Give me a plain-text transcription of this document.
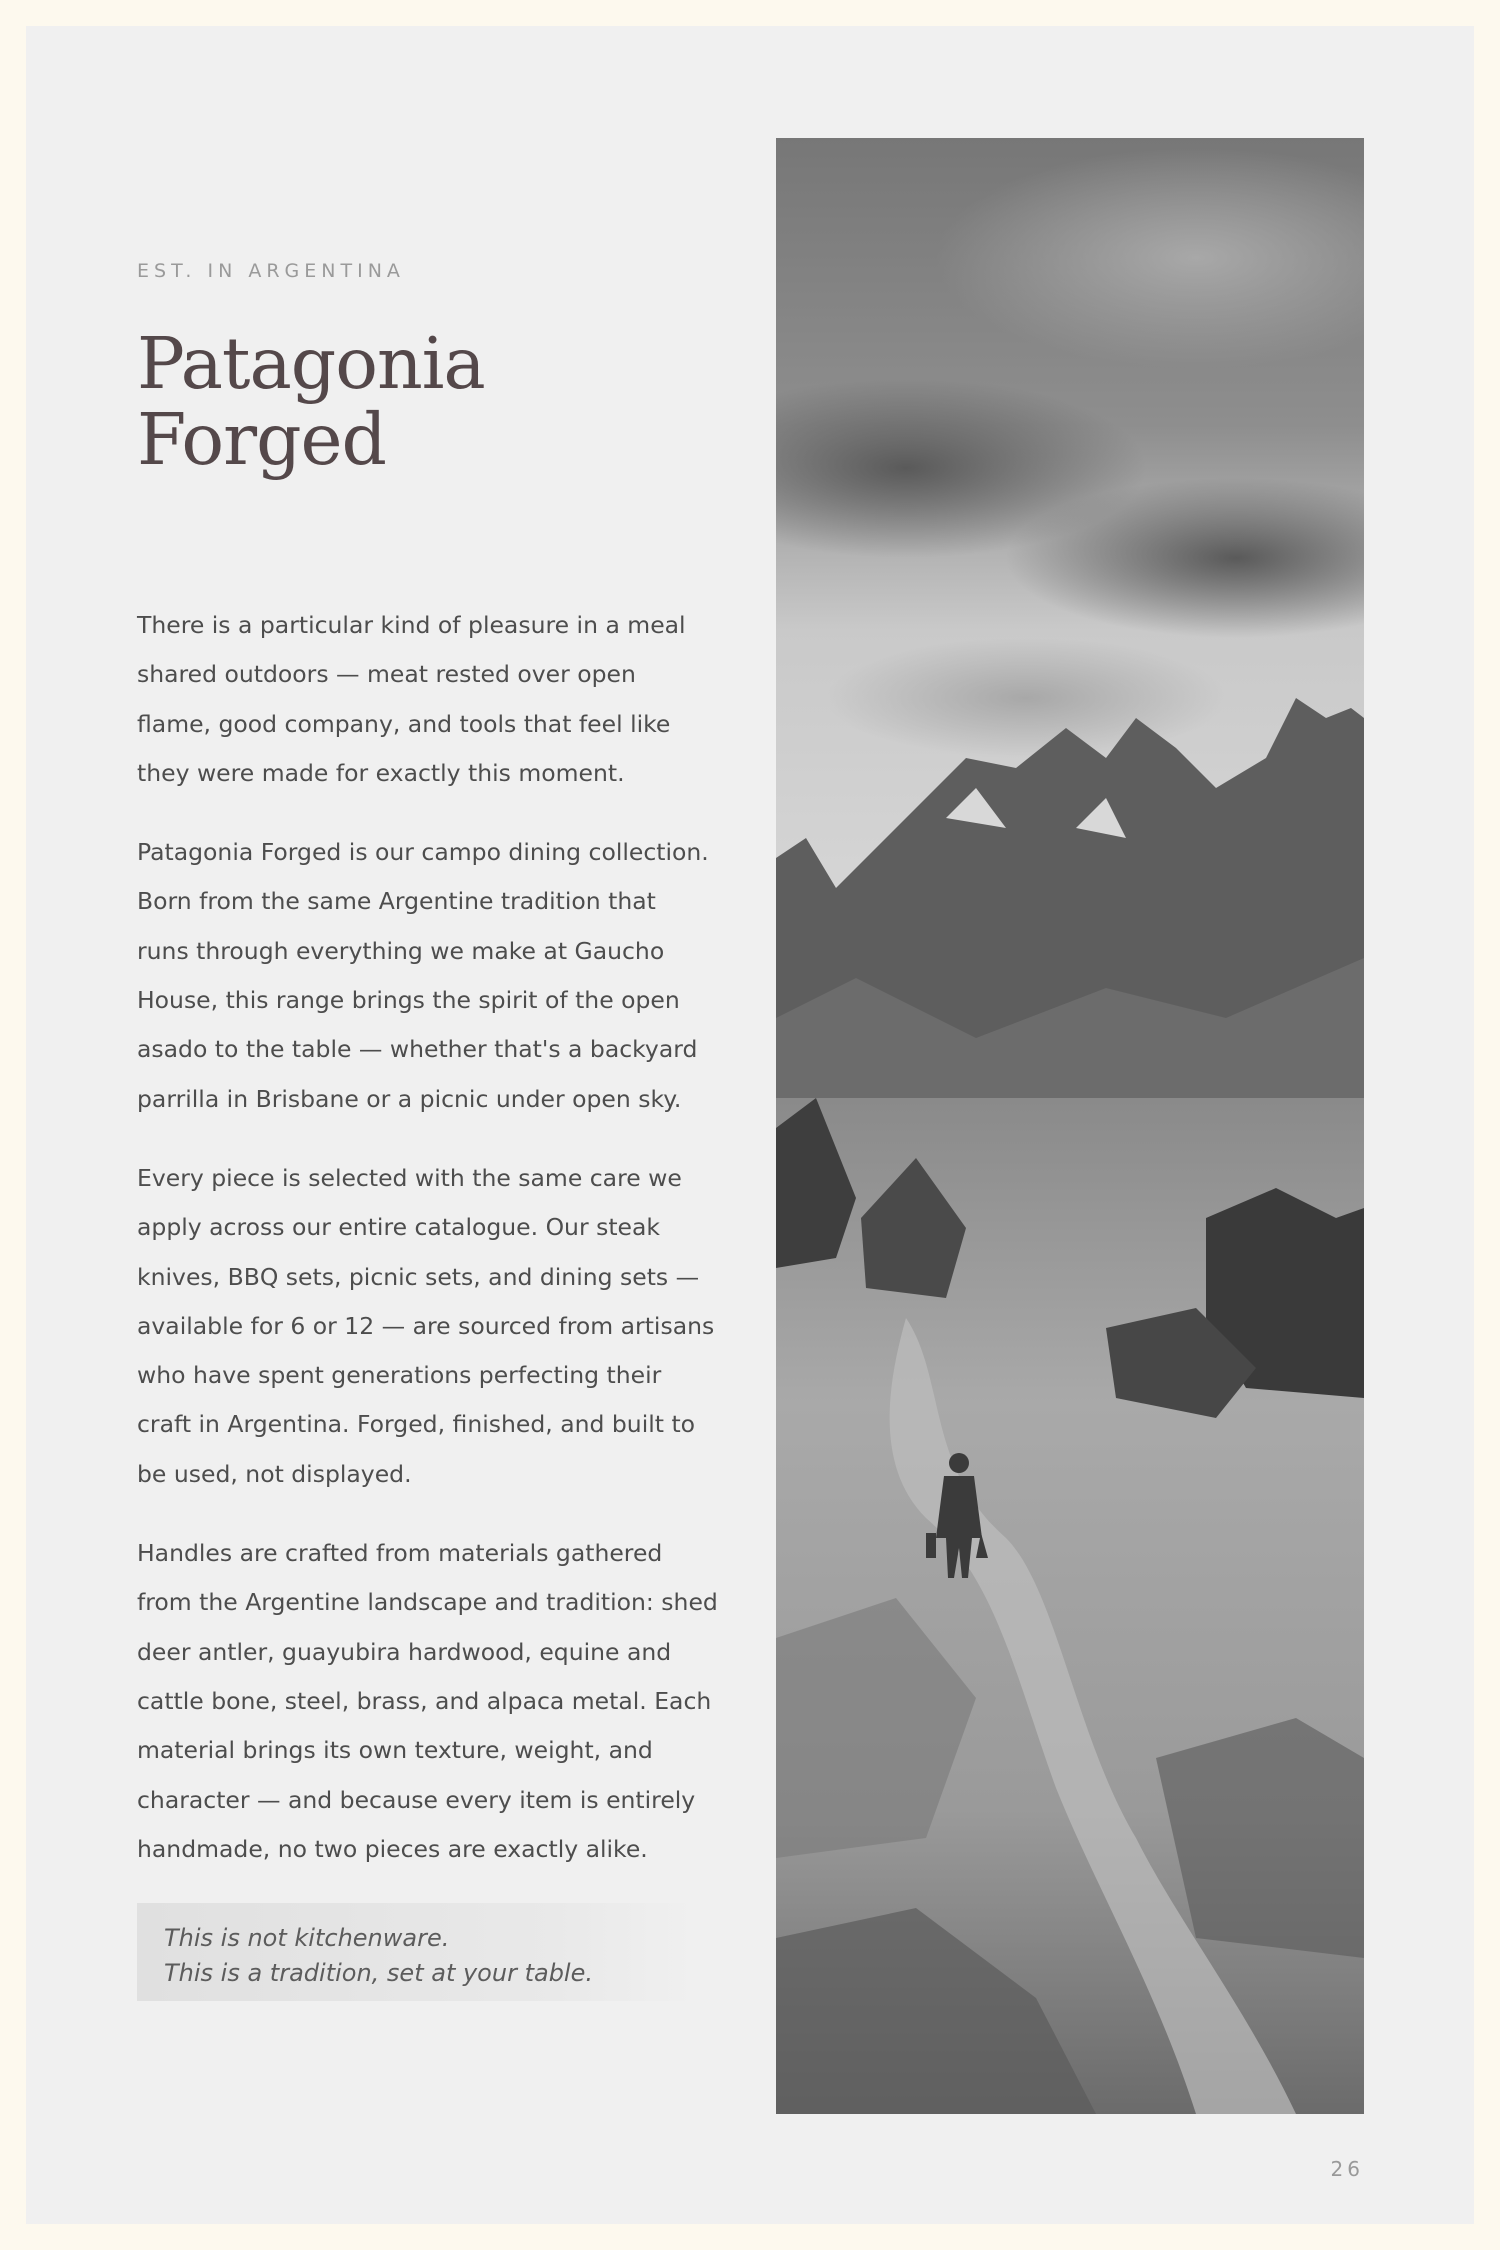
EST. IN ARGENTINA
Patagonia
Forged

There is a particular kind of pleasure in a meal
shared outdoors — meat rested over open
flame, good company, and tools that feel like
they were made for exactly this moment.

Patagonia Forged is our campo dining collection.
Born from the same Argentine tradition that
runs through everything we make at Gaucho
House, this range brings the spirit of the open
asado to the table — whether that's a backyard
parrilla in Brisbane or a picnic under open sky.

Every piece is selected with the same care we
apply across our entire catalogue. Our steak
knives, BBQ sets, picnic sets, and dining sets —
available for 6 or 12 — are sourced from artisans
who have spent generations perfecting their
craft in Argentina. Forged, finished, and built to
be used, not displayed.

Handles are crafted from materials gathered
from the Argentine landscape and tradition: shed
deer antler, guayubira hardwood, equine and
cattle bone, steel, brass, and alpaca metal. Each
material brings its own texture, weight, and
character — and because every item is entirely
handmade, no two pieces are exactly alike.

This is not kitchenware.
This is a tradition, set at your table.
26
